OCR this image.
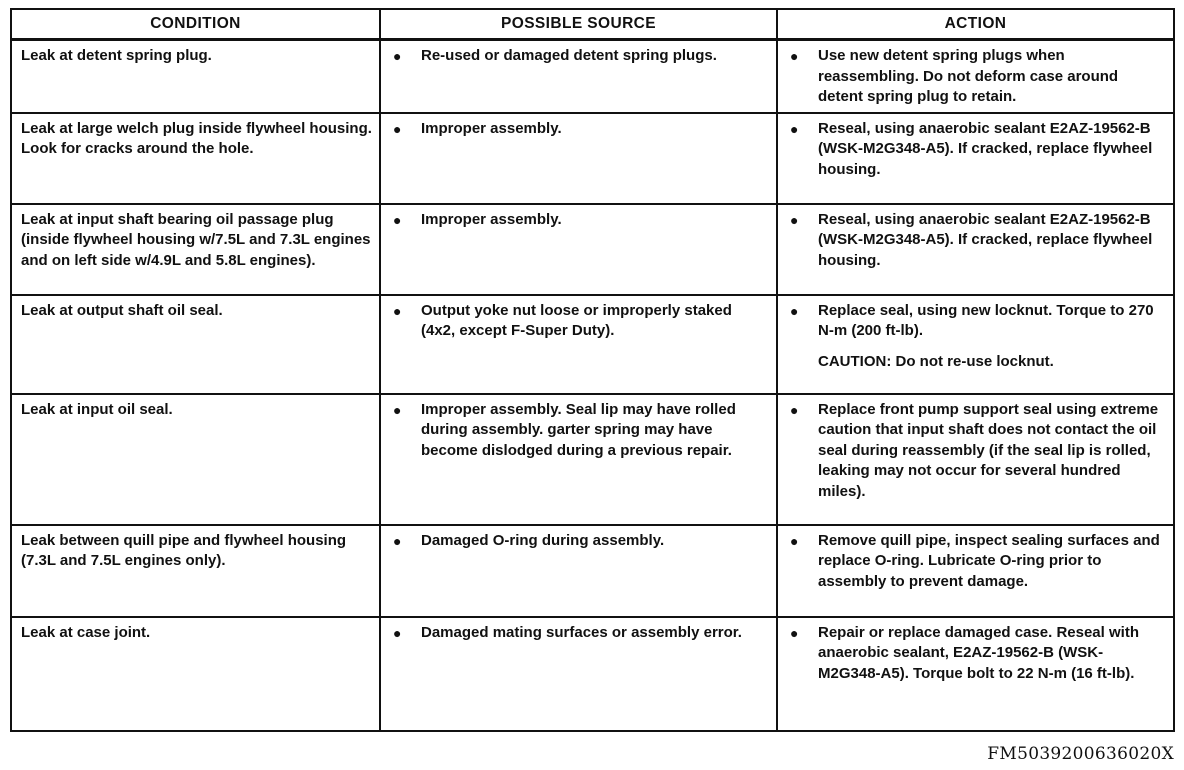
CONDITION	POSSIBLE SOURCE	ACTION

Leak at detent spring plug.	● Re-used or damaged detent spring plugs.	● Use new detent spring plugs when reassembling. Do not deform case around detent spring plug to retain.

Leak at large welch plug inside flywheel housing. Look for cracks around the hole.	● Improper assembly.	● Reseal, using anaerobic sealant E2AZ-19562-B (WSK-M2G348-A5). If cracked, replace flywheel housing.

Leak at input shaft bearing oil passage plug (inside flywheel housing w/7.5L and 7.3L engines and on left side w/4.9L and 5.8L engines).	● Improper assembly.	● Reseal, using anaerobic sealant E2AZ-19562-B (WSK-M2G348-A5). If cracked, replace flywheel housing.

Leak at output shaft oil seal.	● Output yoke nut loose or improperly staked (4x2, except F-Super Duty).	● Replace seal, using new locknut. Torque to 270 N-m (200 ft-lb).
CAUTION: Do not re-use locknut.

Leak at input oil seal.	● Improper assembly. Seal lip may have rolled during assembly. garter spring may have become dislodged during a previous repair.	● Replace front pump support seal using extreme caution that input shaft does not contact the oil seal during reassembly (if the seal lip is rolled, leaking may not occur for several hundred miles).

Leak between quill pipe and flywheel housing (7.3L and 7.5L engines only).	● Damaged O-ring during assembly.	● Remove quill pipe, inspect sealing surfaces and replace O-ring. Lubricate O-ring prior to assembly to prevent damage.

Leak at case joint.	● Damaged mating surfaces or assembly error.	● Repair or replace damaged case. Reseal with anaerobic sealant, E2AZ-19562-B (WSK-M2G348-A5). Torque bolt to 22 N-m (16 ft-lb).
FM5039200636020X
